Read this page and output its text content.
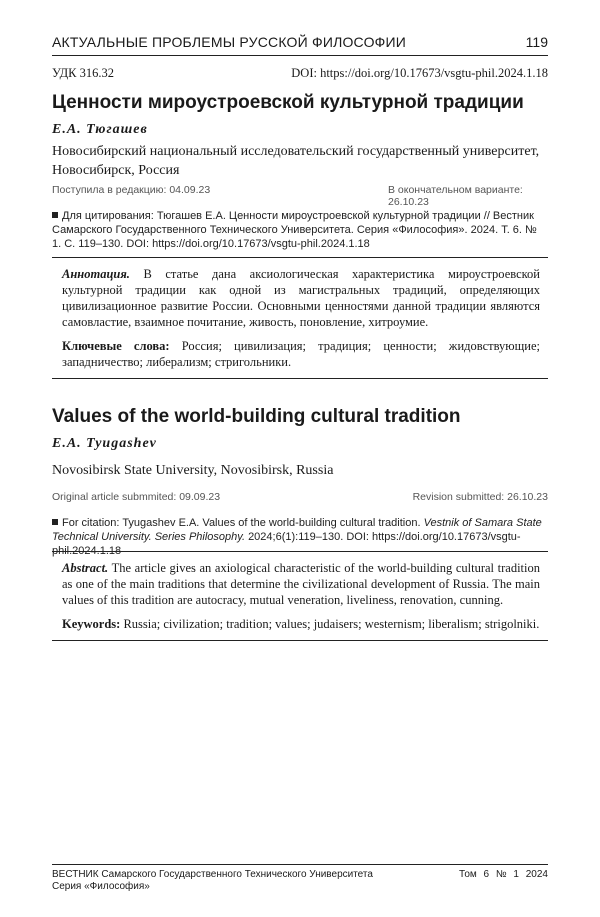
АКТУАЛЬНЫЕ ПРОБЛЕМЫ РУССКОЙ ФИЛОСОФИИ	119
УДК 316.32	DOI: https://doi.org/10.17673/vsgtu-phil.2024.1.18
Ценности мироустроевской культурной традиции
Е.А. Тюгашев
Новосибирский национальный исследовательский государственный университет, Новосибирск, Россия
Поступила в редакцию: 04.09.23	В окончательном варианте: 26.10.23
Для цитирования: Тюгашев Е.А. Ценности мироустроевской культурной традиции // Вестник Самарского Государственного Технического Университета. Серия «Философия». 2024. Т. 6. № 1. С. 119–130. DOI: https://doi.org/10.17673/vsgtu-phil.2024.1.18

Аннотация. В статье дана аксиологическая характеристика мироустроевской культурной традиции как одной из магистральных традиций, определяющих цивилизационное развитие России. Основными ценностями данной традиции являются самовластие, взаимное почитание, живость, поновление, хитроумие.

Ключевые слова: Россия; цивилизация; традиция; ценности; жидовствующие; западничество; либерализм; стригольники.

Values of the world-building cultural tradition
E.A. Tyugashev
Novosibirsk State University, Novosibirsk, Russia
Original article submmited: 09.09.23	Revision submitted: 26.10.23
For citation: Tyugashev E.A. Values of the world-building cultural tradition. Vestnik of Samara State Technical University. Series Philosophy. 2024;6(1):119–130. DOI: https://doi.org/10.17673/vsgtu-phil.2024.1.18

Abstract. The article gives an axiological characteristic of the world-building cultural tradition as one of the main traditions that determine the civilizational development of Russia. The main values of this tradition are autocracy, mutual veneration, liveliness, renovation, cunning.

Keywords: Russia; civilization; tradition; values; judaisers; westernism; liberalism; strigolniki.

ВЕСТНИК Самарского Государственного Технического Университета
Серия «Философия»
Том 6 № 1 2024
